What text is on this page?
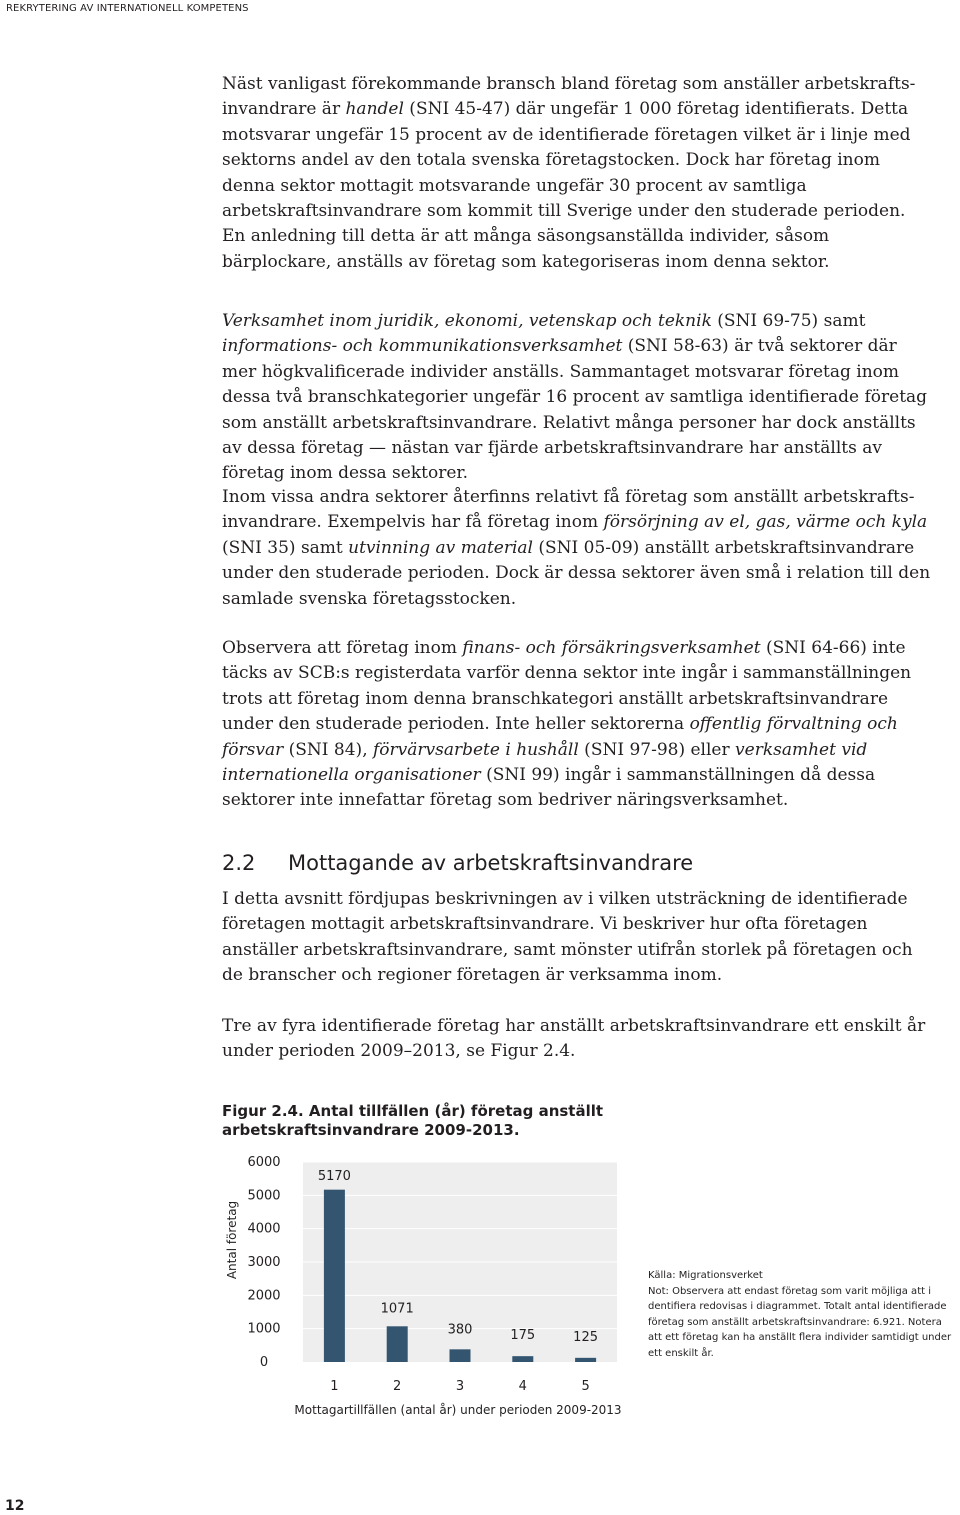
REKRYTERING AV INTERNATIONELL KOMPETENS

Näst vanligast förekommande bransch bland företag som anställer arbetskraftsinvandrare är handel (SNI 45-47) där ungefär 1 000 företag identifierats. Detta motsvarar ungefär 15 procent av de identifierade företagen vilket är i linje med sektorns andel av den totala svenska företagstocken. Dock har företag inom denna sektor mottagit motsvarande ungefär 30 procent av samtliga arbetskraftsinvandrare som kommit till Sverige under den studerade perioden. En anledning till detta är att många säsongsanställda individer, såsom bärplockare, anställs av företag som kategoriseras inom denna sektor.

Verksamhet inom juridik, ekonomi, vetenskap och teknik (SNI 69-75) samt informations- och kommunikationsverksamhet (SNI 58-63) är två sektorer där mer högkvalificerade individer anställs. Sammantaget motsvarar företag inom dessa två branschkategorier ungefär 16 procent av samtliga identifierade företag som anställt arbetskraftsinvandrare. Relativt många personer har dock anställts av dessa företag — nästan var fjärde arbetskraftsinvandrare har anställts av företag inom dessa sektorer.

Inom vissa andra sektorer återfinns relativt få företag som anställt arbetskraftsinvandrare. Exempelvis har få företag inom försörjning av el, gas, värme och kyla (SNI 35) samt utvinning av material (SNI 05-09) anställt arbetskraftsinvandrare under den studerade perioden. Dock är dessa sektorer även små i relation till den samlade svenska företagsstocken.

Observera att företag inom finans- och försäkringsverksamhet (SNI 64-66) inte täcks av SCB:s registerdata varför denna sektor inte ingår i sammanställningen trots att företag inom denna branschkategori anställt arbetskraftsinvandrare under den studerade perioden. Inte heller sektorerna offentlig förvaltning och försvar (SNI 84), förvärvsarbete i hushåll (SNI 97-98) eller verksamhet vid internationella organisationer (SNI 99) ingår i sammanställningen då dessa sektorer inte innefattar företag som bedriver näringsverksamhet.

2.2 Mottagande av arbetskraftsinvandrare

I detta avsnitt fördjupas beskrivningen av i vilken utsträckning de identifierade företagen mottagit arbetskraftsinvandrare. Vi beskriver hur ofta företagen anställer arbetskraftsinvandrare, samt mönster utifrån storlek på företagen och de branscher och regioner företagen är verksamma inom.

Tre av fyra identifierade företag har anställt arbetskraftsinvandrare ett enskilt år under perioden 2009–2013, se Figur 2.4.

Figur 2.4. Antal tillfällen (år) företag anställt arbetskraftsinvandrare 2009-2013.

0
1000
2000
3000
4000
5000
6000
5170
1
1071
2
380
3
175
4
125
5
Mottagartillfällen (antal år) under perioden 2009-2013
Antal företag	Källa: Migrationsverket

Not: Observera att endast företag som varit möjliga att i dentifiera redovisas i diagrammet. Totalt antal identifierade företag som anställt arbetskraftsinvandrare: 6.921. Notera att ett företag kan ha anställt flera individer samtidigt under ett enskilt år.

12
